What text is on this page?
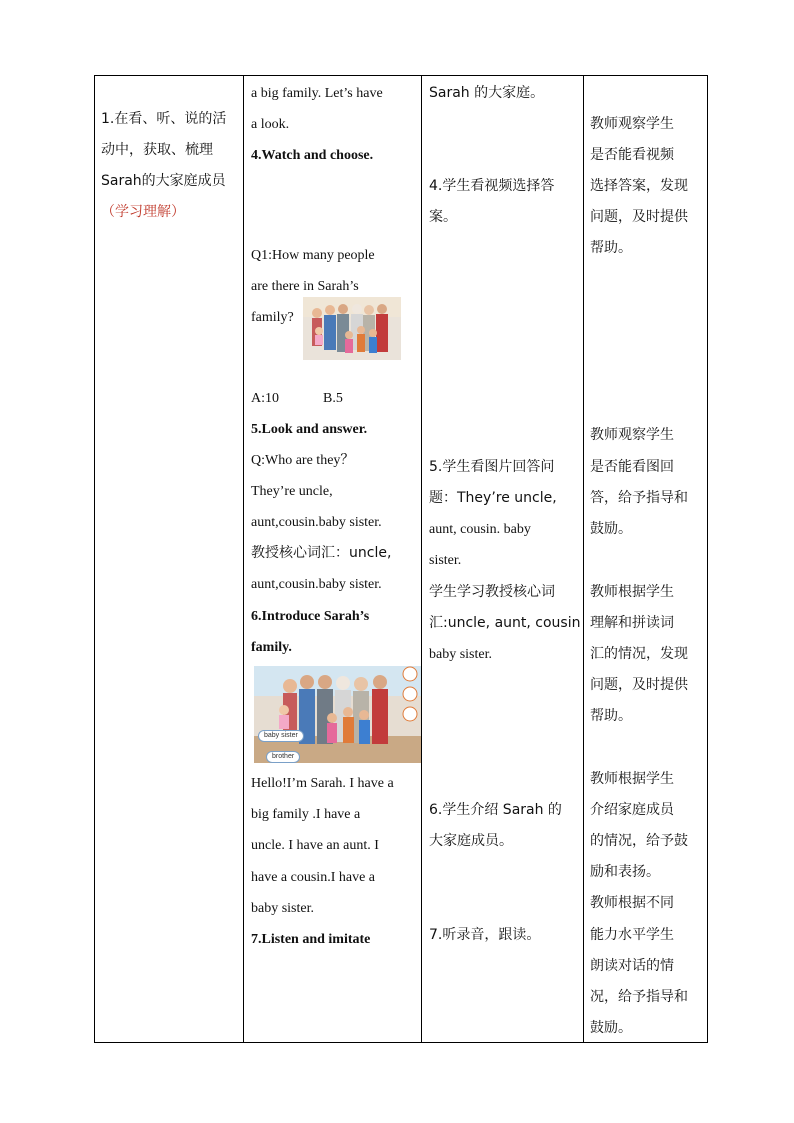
1.在看、听、说的活
动中，获取、梳理
Sarah的大家庭成员
（学习理解）
a big family. Let’s have
a look.
4.Watch and choose.
Q1:How many people
are there in Sarah’s
family?
A:10	B.5
5.Look and answer.
Q:Who are they？
They’re uncle,
aunt,cousin.baby sister.
教授核心词汇：uncle,
aunt,cousin.baby sister.
6.Introduce Sarah’s
family.
baby sister
brother
Hello!I’m Sarah. I have a
big family .I have a
uncle. I have an aunt. I
have a cousin.I have a
baby sister.
7.Listen and imitate
Sarah 的大家庭。
4.学生看视频选择答
案。
5.学生看图片回答问
题：They’re uncle,
aunt, cousin. baby
sister.
学生学习教授核心词
汇:uncle, aunt, cousin
baby sister.
6.学生介绍 Sarah 的
大家庭成员。
7.听录音，跟读。
教师观察学生
是否能看视频
选择答案，发现
问题，及时提供
帮助。
教师观察学生
是否能看图回
答，给予指导和
鼓励。
教师根据学生
理解和拼读词
汇的情况，发现
问题，及时提供
帮助。
教师根据学生
介绍家庭成员
的情况，给予鼓
励和表扬。
教师根据不同
能力水平学生
朗读对话的情
况，给予指导和
鼓励。
